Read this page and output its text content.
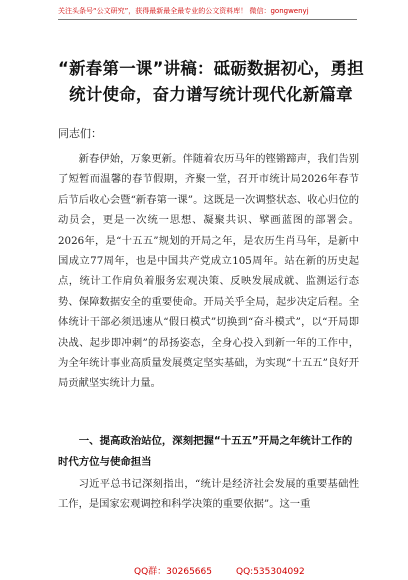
关注头条号“公文研究”，获得最新最全最专业的公文资料库！ 微信：gongwenyj
“新春第一课”讲稿：砥砺数据初心，勇担统计使命，奋力谱写统计现代化新篇章

同志们：

新春伊始，万象更新。伴随着农历马年的铿锵蹄声，我们告别了短暂而温馨的春节假期，齐聚一堂，召开市统计局2026年春节后节后收心会暨“新春第一课”。这既是一次调整状态、收心归位的动员会，更是一次统一思想、凝聚共识、擘画蓝图的部署会。2026年，是“十五五”规划的开局之年，是农历生肖马年，是新中国成立77周年，也是中国共产党成立105周年。站在新的历史起点，统计工作肩负着服务宏观决策、反映发展成就、监测运行态势、保障数据安全的重要使命。开局关乎全局，起步决定后程。全体统计干部必须迅速从“假日模式”切换到“奋斗模式”，以“开局即决战、起步即冲刺”的昂扬姿态，全身心投入到新一年的工作中，为全年统计事业高质量发展奠定坚实基础，为实现“十五五”良好开局贡献坚实统计力量。

一、提高政治站位，深刻把握“十五五”开局之年统计工作的时代方位与使命担当

习近平总书记深刻指出，“统计是经济社会发展的重要基础性工作，是国家宏观调控和科学决策的重要依据”。这一重

QQ群：30265665	QQ:535304092
